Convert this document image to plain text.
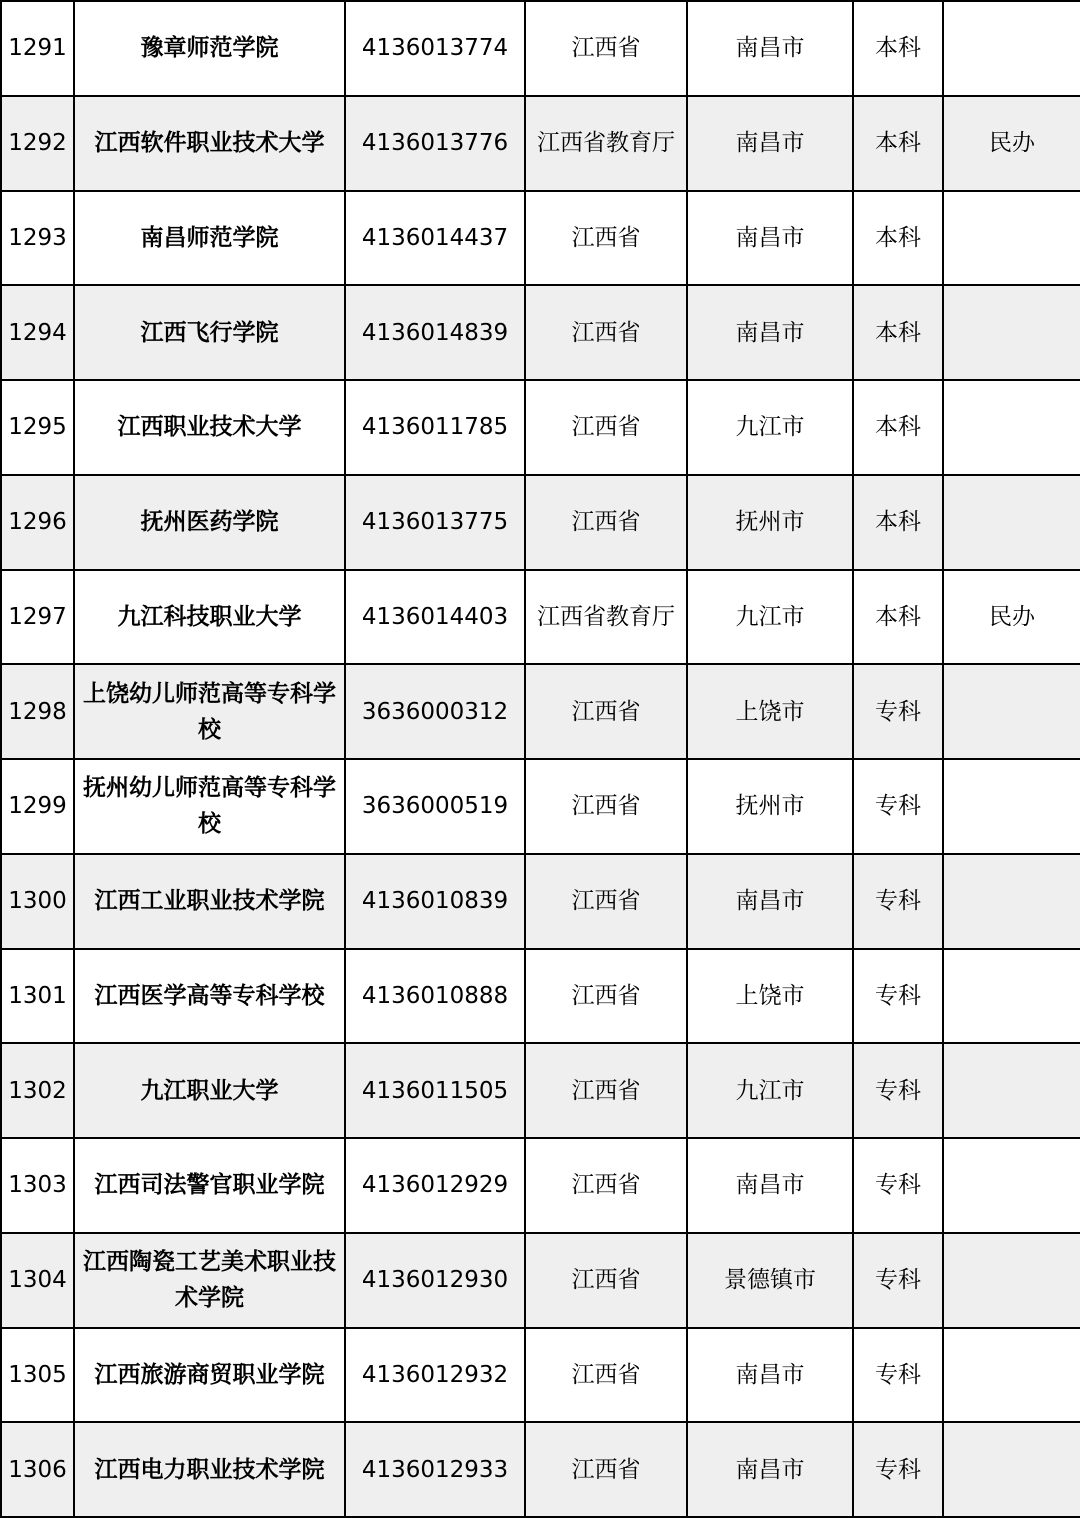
1291	豫章师范学院	4136013774	江西省	南昌市	本科	
1292	江西软件职业技术大学	4136013776	江西省教育厅	南昌市	本科	民办
1293	南昌师范学院	4136014437	江西省	南昌市	本科	
1294	江西飞行学院	4136014839	江西省	南昌市	本科	
1295	江西职业技术大学	4136011785	江西省	九江市	本科	
1296	抚州医药学院	4136013775	江西省	抚州市	本科	
1297	九江科技职业大学	4136014403	江西省教育厅	九江市	本科	民办
1298	上饶幼儿师范高等专科学校	3636000312	江西省	上饶市	专科	
1299	抚州幼儿师范高等专科学校	3636000519	江西省	抚州市	专科	
1300	江西工业职业技术学院	4136010839	江西省	南昌市	专科	
1301	江西医学高等专科学校	4136010888	江西省	上饶市	专科	
1302	九江职业大学	4136011505	江西省	九江市	专科	
1303	江西司法警官职业学院	4136012929	江西省	南昌市	专科	
1304	江西陶瓷工艺美术职业技术学院	4136012930	江西省	景德镇市	专科	
1305	江西旅游商贸职业学院	4136012932	江西省	南昌市	专科	
1306	江西电力职业技术学院	4136012933	江西省	南昌市	专科	
